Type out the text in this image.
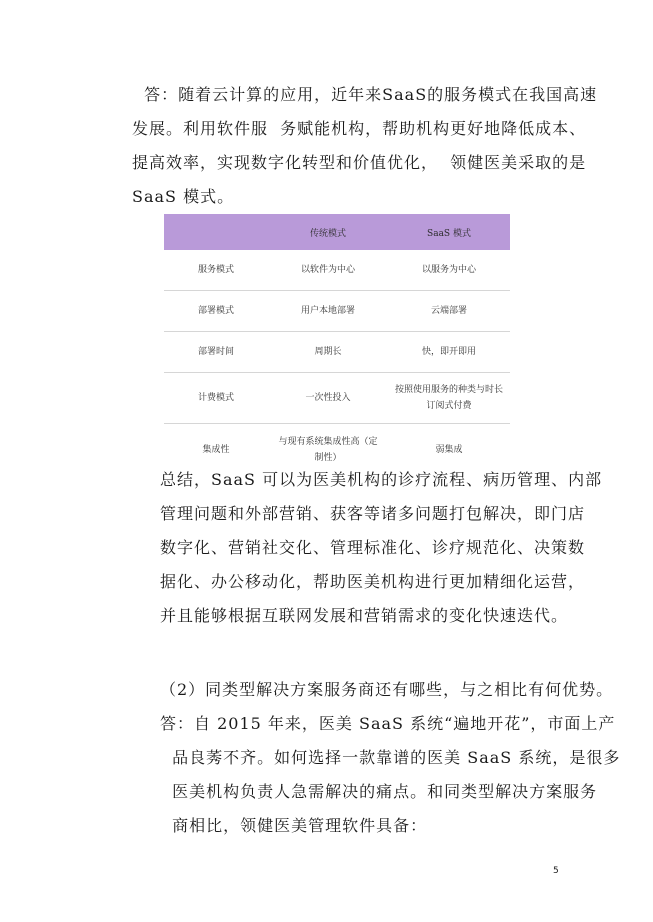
答：随着云计算的应用，近年来SaaS的服务模式在我国高速
发展。利用软件服  务赋能机构，帮助机构更好地降低成本、
提高效率，实现数字化转型和价值优化，  领健医美采取的是
SaaS 模式。
	传统模式	SaaS 模式
服务模式	以软件为中心	以服务为中心
部署模式	用户本地部署	云端部署
部署时间	周期长	快，即开即用
计费模式	一次性投入	按照使用服务的种类与时长
订阅式付费
集成性	与现有系统集成性高（定
制性）	弱集成
总结，SaaS 可以为医美机构的诊疗流程、病历管理、内部
管理问题和外部营销、获客等诸多问题打包解决，即门店
数字化、营销社交化、管理标准化、诊疗规范化、决策数
据化、办公移动化，帮助医美机构进行更加精细化运营，
并且能够根据互联网发展和营销需求的变化快速迭代。
（2）同类型解决方案服务商还有哪些，与之相比有何优势。
答：自 2015 年来，医美 SaaS 系统“遍地开花”，市面上产
品良莠不齐。如何选择一款靠谱的医美 SaaS 系统，是很多
医美机构负责人急需解决的痛点。和同类型解决方案服务
商相比，领健医美管理软件具备：
5
